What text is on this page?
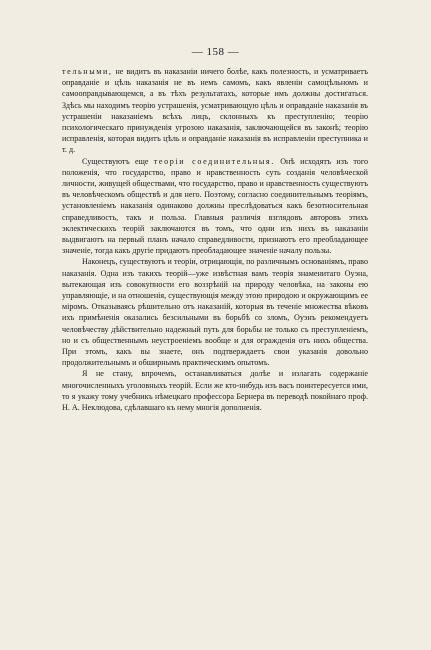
— 158 —

тельными, не видитъ въ наказаніи ничего болѣе, какъ полезность, и усматриваетъ оправданіе и цѣль наказанія не въ немъ самомъ, какъ явленіи самоцѣльномъ и самооправдывающемся, а въ тѣхъ результатахъ, которые имъ должны достигаться. Здѣсь мы находимъ теорію устрашенія, усматривающую цѣль и оправданіе наказанія въ устрашеніи наказаніемъ всѣхъ лицъ, склонныхъ къ преступленію; теорію психологическаго принужденія угрозою наказанія, заключающейся въ законѣ; теорію исправленія, которая видитъ цѣль и оправданіе наказанія въ исправленіи преступника и т. д.

Существуютъ еще теоріи соединительныя. Онѣ исходятъ изъ того положенія, что государство, право и нравственность суть созданія человѣческой личности, живущей обществами, что государство, право и нравственность существуютъ въ человѣческомъ обществѣ и для него. Поэтому, согласно соединительнымъ теоріямъ, установленіемъ наказанія одинаково должны преслѣдоваться какъ безотносительная справедливость, такъ и польза. Главныя различія взглядовъ авторовъ этихъ эклектическихъ теорій заключаются въ томъ, что одни изъ нихъ въ наказаніи выдвигаютъ на первый планъ начало справедливости, признаютъ его преобладающее значеніе, тогда какъ другіе придаютъ преобладающее значеніе началу пользы.

Наконецъ, существуютъ и теоріи, отрицающія, по различнымъ основаніямъ, право наказанія. Одна изъ такихъ теорій—уже извѣстная вамъ теорія знаменитаго Оуэна, вытекающая изъ совокупности его воззрѣній на природу человѣка, на законы ею управляющіе, и на отношенія, существующія между этою природою и окружающимъ ее міромъ. Отказываясь рѣшительно отъ наказаній, которыя въ теченіе множества вѣковъ ихъ примѣненія оказались безсильными въ борьбѣ со зломъ, Оуэнъ рекомендуетъ человѣчеству дѣйствительно надежный путь для борьбы не только съ преступленіемъ, но и съ общественнымъ неустроеніемъ вообще и для огражденія отъ нихъ общества. При этомъ, какъ вы знаете, онъ подтверждаетъ свои указанія довольно продолжительнымъ и обширнымъ практическимъ опытомъ.

Я не стану, впрочемъ, останавливаться долѣе и излагать содержаніе многочисленныхъ уголовныхъ теорій. Если же кто-нибудь изъ васъ поинтересуется ими, то я укажу тому учебникъ нѣмецкаго профессора Бернера въ переводѣ покойнаго проф. Н. А. Неклюдова, сдѣлавшаго къ нему многія дополненія.
